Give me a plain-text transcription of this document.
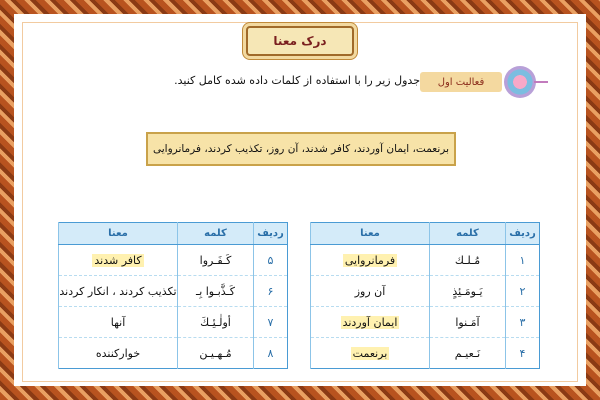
درک معنا
فعالیت اول
جدول زیر را با استفاده از کلمات داده شده کامل کنید.
برنعمت، ایمان آوردند، کافر شدند، آن روز، تکذیب کردند، فرمانروایی
ردیف	کلمه	معنا
۱	مُـلـك	فرمانروایی
۲	يَـومَـئِذٍ	آن روز
۳	آمَـنوا	ایمان آوردند
۴	نَـعيـم	برنعمت
ردیف	کلمه	معنا
۵	كَـفَـروا	کافر شدند
۶	كَـذَّبـوا بِـ	تکذیب کردند ، انکار کردند
۷	أولٰـئِـكَ	آنها
۸	مُـهـيـن	خوارکننده
